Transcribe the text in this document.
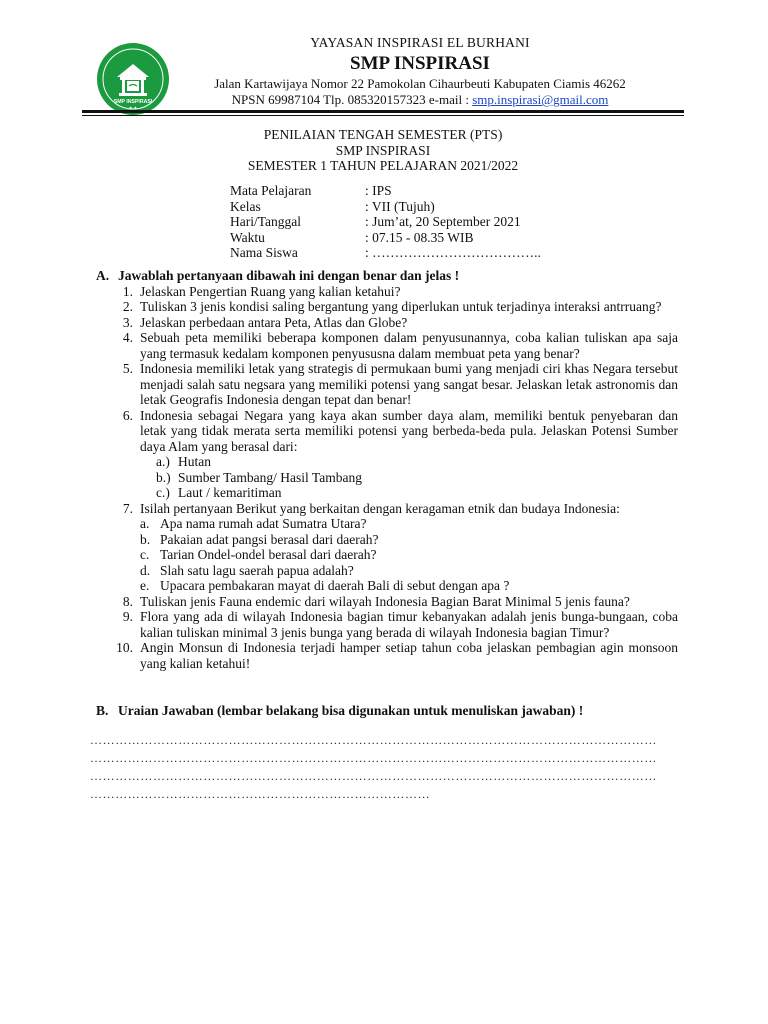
SMP INSPIRASI
★ ★
YAYASAN INSPIRASI EL BURHANI
SMP INSPIRASI
Jalan Kartawijaya Nomor 22 Pamokolan Cihaurbeuti Kabupaten Ciamis 46262
NPSN 69987104 Tlp. 085320157323 e-mail : smp.inspirasi@gmail.com
PENILAIAN TENGAH SEMESTER (PTS)
SMP INSPIRASI
SEMESTER 1 TAHUN PELAJARAN 2021/2022
Mata Pelajaran	: IPS
Kelas	: VII (Tujuh)
Hari/Tanggal	: Jum’at, 20 September 2021
Waktu	: 07.15 - 08.35 WIB
Nama Siswa	: ………………………………..
A. Jawablah pertanyaan dibawah ini dengan benar dan jelas !
1. Jelaskan Pengertian Ruang yang kalian ketahui?
2. Tuliskan 3 jenis kondisi saling bergantung yang diperlukan untuk terjadinya interaksi antrruang?
3. Jelaskan perbedaan antara Peta, Atlas dan Globe?
4. Sebuah peta memiliki beberapa komponen dalam penyusunannya, coba kalian tuliskan apa saja yang termasuk kedalam komponen penyususna dalam membuat peta yang benar?
5. Indonesia memiliki letak yang strategis di permukaan bumi yang menjadi ciri khas Negara tersebut menjadi salah satu negsara yang memiliki potensi yang sangat besar. Jelaskan letak astronomis dan letak Geografis Indonesia dengan tepat dan benar!
6. Indonesia sebagai Negara yang kaya akan sumber daya alam, memiliki bentuk penyebaran dan letak yang tidak merata serta memiliki potensi yang berbeda-beda pula. Jelaskan Potensi Sumber daya Alam yang berasal dari:
a.) Hutan
b.) Sumber Tambang/ Hasil Tambang
c.) Laut / kemaritiman
7. Isilah pertanyaan Berikut yang berkaitan dengan keragaman etnik dan budaya Indonesia:
a. Apa nama rumah adat Sumatra Utara?
b. Pakaian adat pangsi berasal dari daerah?
c. Tarian Ondel-ondel berasal dari daerah?
d. Slah satu lagu saerah papua adalah?
e. Upacara pembakaran mayat di daerah Bali di sebut dengan apa ?
8. Tuliskan jenis Fauna endemic dari wilayah Indonesia Bagian Barat Minimal 5 jenis fauna?
9. Flora yang ada di wilayah Indonesia bagian timur kebanyakan adalah jenis bunga-bungaan, coba kalian tuliskan minimal 3 jenis bunga yang berada di wilayah Indonesia bagian Timur?
10. Angin Monsun di Indonesia terjadi hamper setiap tahun coba jelaskan pembagian agin monsoon yang kalian ketahui!
B. Uraian Jawaban (lembar belakang bisa digunakan untuk menuliskan jawaban) !
………………………………………………………………………………………………………………………
………………………………………………………………………………………………………………………
………………………………………………………………………………………………………………………
………………………………………………………………………
